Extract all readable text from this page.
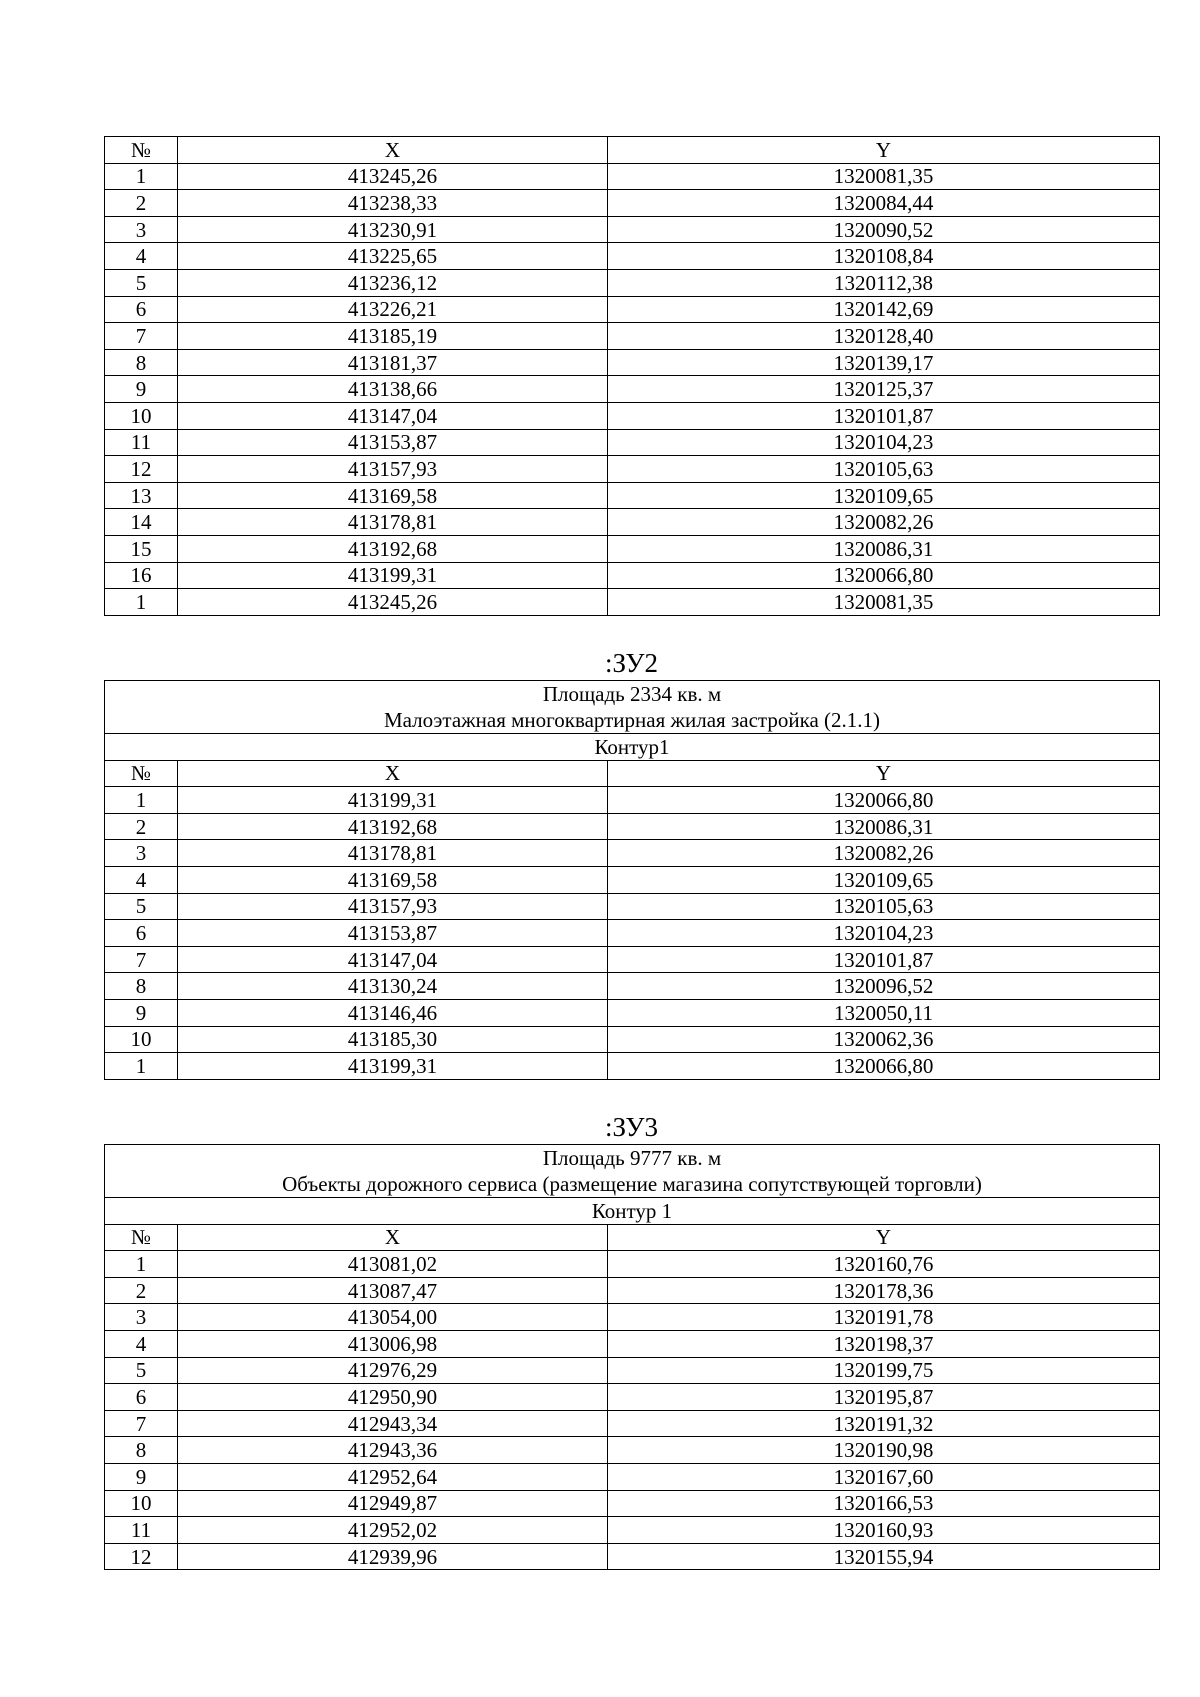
№	X	Y
1	413245,26	1320081,35
2	413238,33	1320084,44
3	413230,91	1320090,52
4	413225,65	1320108,84
5	413236,12	1320112,38
6	413226,21	1320142,69
7	413185,19	1320128,40
8	413181,37	1320139,17
9	413138,66	1320125,37
10	413147,04	1320101,87
11	413153,87	1320104,23
12	413157,93	1320105,63
13	413169,58	1320109,65
14	413178,81	1320082,26
15	413192,68	1320086,31
16	413199,31	1320066,80
1	413245,26	1320081,35
:ЗУ2
Площадь 2334 кв. м
Малоэтажная многоквартирная жилая застройка (2.1.1)		

Контур1		
№	X	Y
1	413199,31	1320066,80
2	413192,68	1320086,31
3	413178,81	1320082,26
4	413169,58	1320109,65
5	413157,93	1320105,63
6	413153,87	1320104,23
7	413147,04	1320101,87
8	413130,24	1320096,52
9	413146,46	1320050,11
10	413185,30	1320062,36
1	413199,31	1320066,80
:ЗУ3
Площадь 9777 кв. м
Объекты дорожного сервиса (размещение магазина сопутствующей торговли)		

Контур 1		
№	X	Y
1	413081,02	1320160,76
2	413087,47	1320178,36
3	413054,00	1320191,78
4	413006,98	1320198,37
5	412976,29	1320199,75
6	412950,90	1320195,87
7	412943,34	1320191,32
8	412943,36	1320190,98
9	412952,64	1320167,60
10	412949,87	1320166,53
11	412952,02	1320160,93
12	412939,96	1320155,94
